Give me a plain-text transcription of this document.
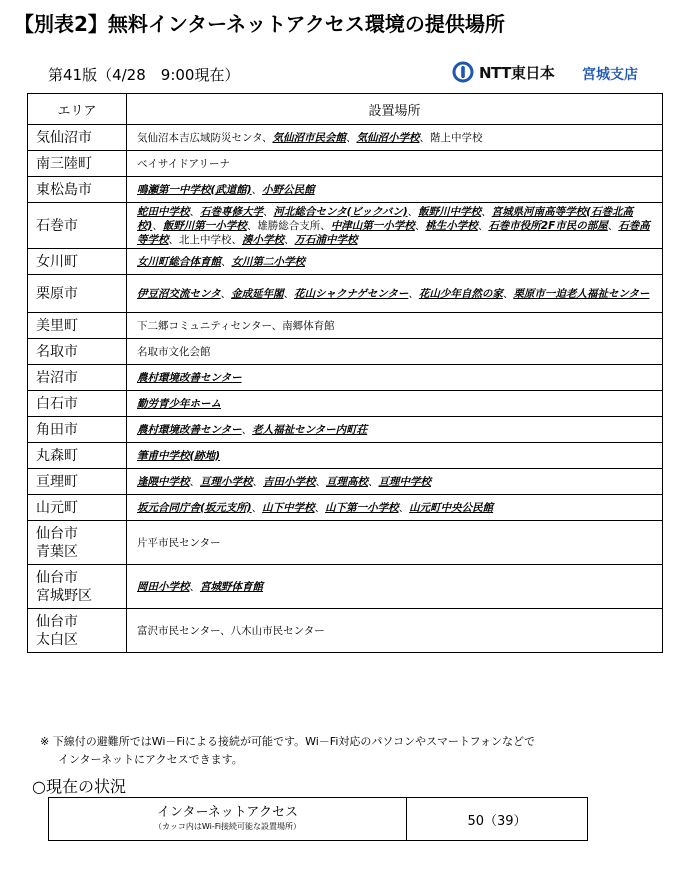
【別表2】無料インターネットアクセス環境の提供場所
第41版（4/28　9:00現在）	NTT東日本 宮城支店
エリア	設置場所
気仙沼市	気仙沼本吉広域防災センタ、気仙沼市民会館、気仙沼小学校、階上中学校
南三陸町	ベイサイドアリーナ
東松島市	鳴瀬第一中学校(武道館)、小野公民館
石巻市	蛇田中学校、石巻専修大学、河北総合センタ(ビックバン)、飯野川中学校、宮城県河南高等学校(石巻北高校)、飯野川第一小学校、雄勝総合支所、中津山第一小学校、桃生小学校、石巻市役所2F市民の部屋、石巻高等学校、北上中学校、湊小学校、万石浦中学校
女川町	女川町総合体育館、女川第二小学校
栗原市	伊豆沼交流センタ、金成延年閣、花山シャクナゲセンター、花山少年自然の家、栗原市一迫老人福祉センター
美里町	下二郷コミュニティセンター、南郷体育館
名取市	名取市文化会館
岩沼市	農村環境改善センター
白石市	勤労青少年ホーム
角田市	農村環境改善センター、老人福祉センター内町荘
丸森町	筆甫中学校(跡地)
亘理町	逢隈中学校、亘理小学校、吉田小学校、亘理高校、亘理中学校
山元町	坂元合同庁舎(坂元支所)、山下中学校、山下第一小学校、山元町中央公民館
仙台市
青葉区	片平市民センター
仙台市
宮城野区	岡田小学校、宮城野体育館
仙台市
太白区	富沢市民センター、八木山市民センター
※ 下線付の避難所ではWi－Fiによる接続が可能です。Wi－Fi対応のパソコンやスマートフォンなどで
インターネットにアクセスできます。
○現在の状況
インターネットアクセス
（カッコ内はWi-Fi接続可能な設置場所）	50（39）
